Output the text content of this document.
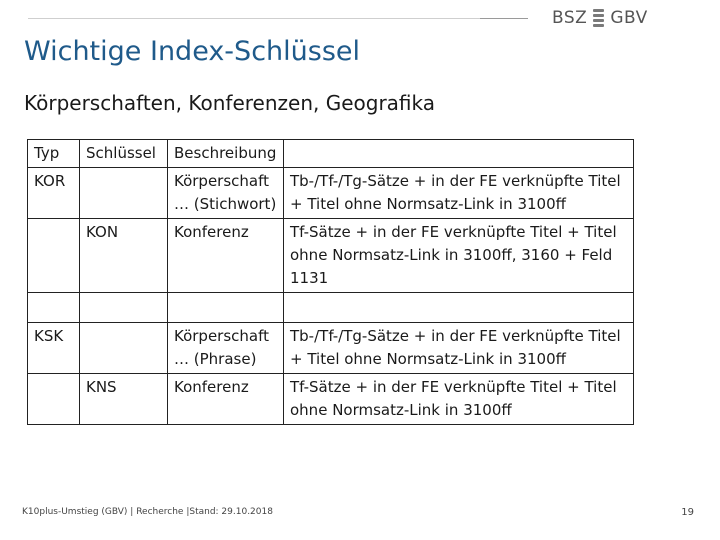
BSZ GBV
Wichtige Index-Schlüssel
Körperschaften, Konferenzen, Geografika
Typ	Schlüssel	Beschreibung	
KOR		Körperschaft … (Stichwort)	Tb-/Tf-/Tg-Sätze + in der FE verknüpfte Titel + Titel ohne Normsatz-Link in 3100ff
	KON	Konferenz	Tf-Sätze + in der FE verknüpfte Titel + Titel ohne Normsatz-Link in 3100ff, 3160 + Feld 1131

KSK		Körperschaft … (Phrase)	Tb-/Tf-/Tg-Sätze + in der FE verknüpfte Titel + Titel ohne Normsatz-Link in 3100ff
	KNS	Konferenz	Tf-Sätze + in der FE verknüpfte Titel + Titel ohne Normsatz-Link in 3100ff
K10plus-Umstieg (GBV) | Recherche |Stand: 29.10.2018	19
